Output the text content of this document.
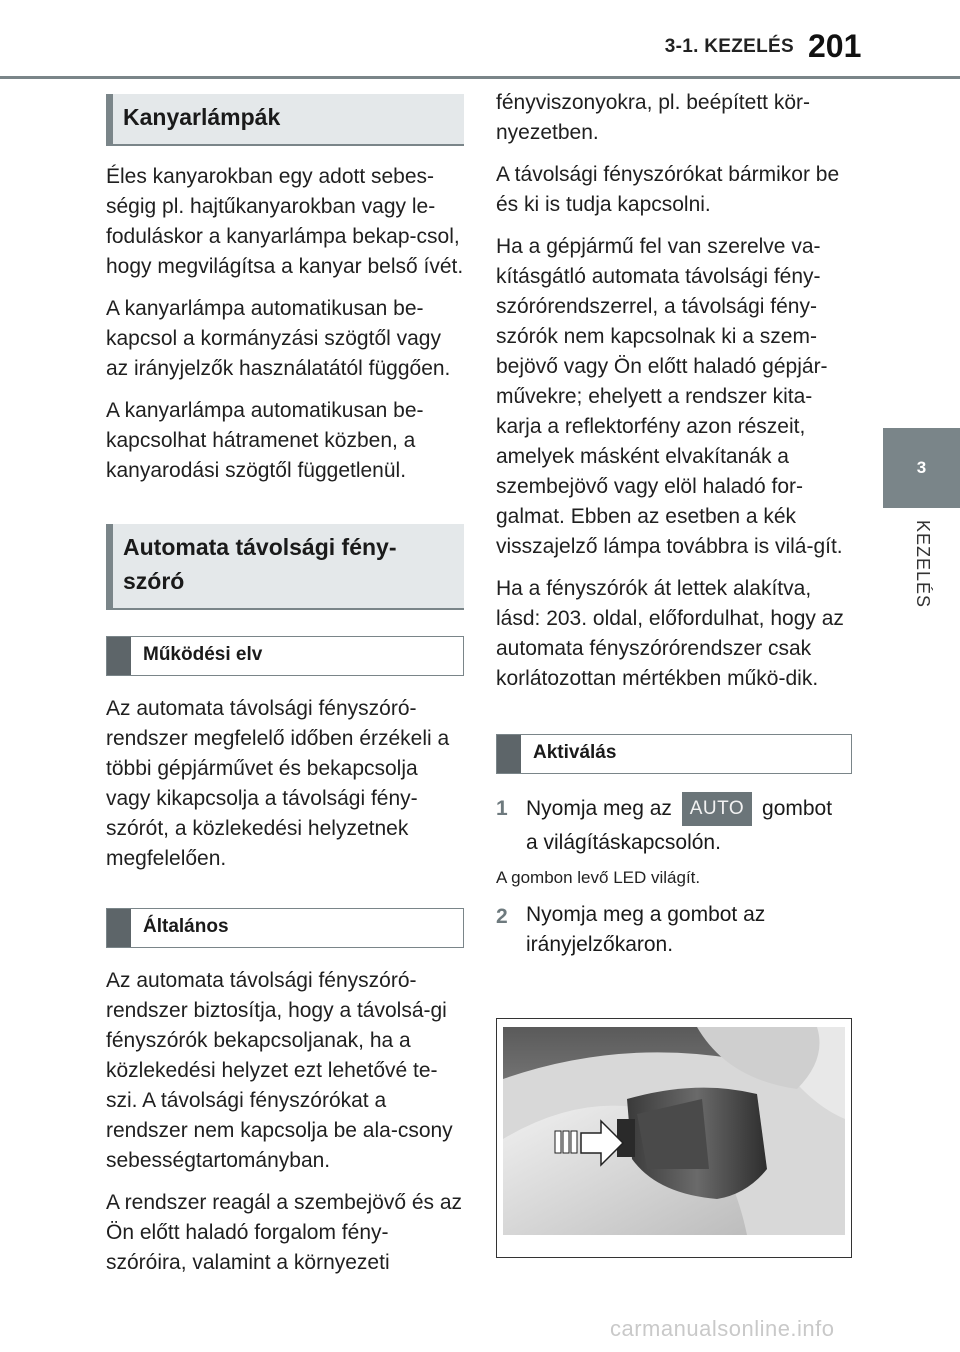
3-1. KEZELÉS 201
3
KEZELÉS
Kanyarlámpák

Éles kanyarokban egy adott sebes-ségig pl. hajtűkanyarokban vagy le-foduláskor a kanyarlámpa bekap-csol, hogy megvilágítsa a kanyar belső ívét.

A kanyarlámpa automatikusan be-kapcsol a kormányzási szögtől vagy az irányjelzők használatától függően.

A kanyarlámpa automatikusan be-kapcsolhat hátramenet közben, a kanyarodási szögtől függetlenül.

Automata távolsági fény-szóró
Működési elv

Az automata távolsági fényszóró-rendszer megfelelő időben érzékeli a többi gépjárművet és bekapcsolja vagy kikapcsolja a távolsági fény-szórót, a közlekedési helyzetnek megfelelően.

Általános

Az automata távolsági fényszóró-rendszer biztosítja, hogy a távolsá-gi fényszórók bekapcsoljanak, ha a közlekedési helyzet ezt lehetővé te-szi. A távolsági fényszórókat a rendszer nem kapcsolja be ala-csony sebességtartományban.

A rendszer reagál a szembejövő és az Ön előtt haladó forgalom fény-szóróira, valamint a környezeti

fényviszonyokra, pl. beépített kör-nyezetben.

A távolsági fényszórókat bármikor be és ki is tudja kapcsolni.

Ha a gépjármű fel van szerelve va-kításgátló automata távolsági fény-szórórendszerrel, a távolsági fény-szórók nem kapcsolnak ki a szem-bejövő vagy Ön előtt haladó gépjár-művekre; ehelyett a rendszer kita-karja a reflektorfény azon részeit, amelyek másként elvakítanák a szembejövő vagy elöl haladó for-galmat. Ebben az esetben a kék visszajelző lámpa továbbra is vilá-gít.

Ha a fényszórók át lettek alakítva, lásd: 203. oldal, előfordulhat, hogy az automata fényszórórendszer csak korlátozottan mértékben műkö-dik.

Aktiválás
1 Nyomja meg az AUTO gombot
a világításkapcsolón.
A gombon levő LED világít.
2 Nyomja meg a gombot az irányjelzőkaron.
carmanualsonline.info
